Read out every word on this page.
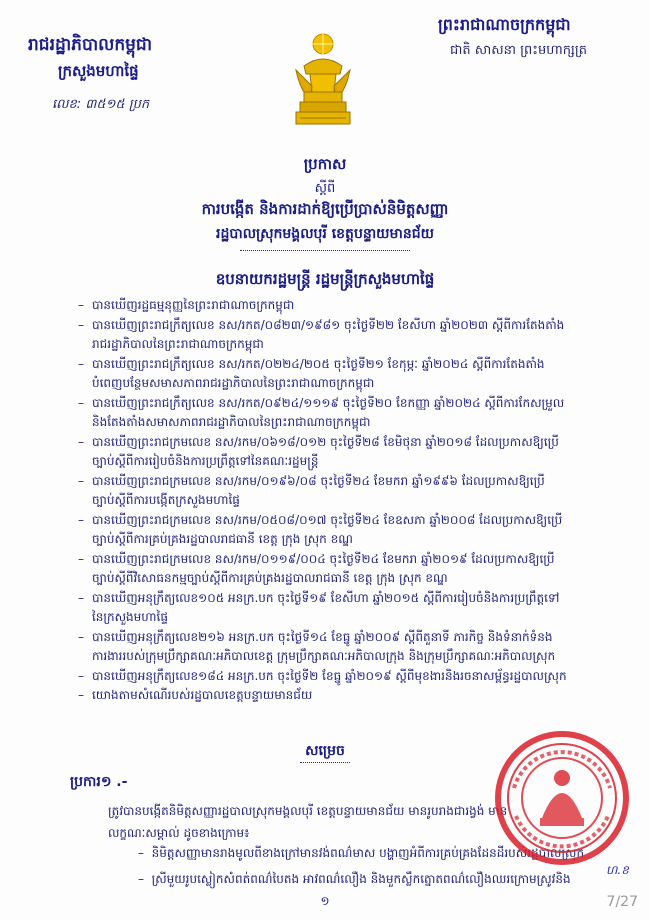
រាជរដ្ឋាភិបាលកម្ពុជា
ក្រសួងមហាផ្ទៃ
លេខ: ៣៥១៥ ប្រក
ព្រះរាជាណាចក្រកម្ពុជា
ជាតិ សាសនា ព្រះមហាក្សត្រ
ប្រកាស
ស្តីពី
ការបង្កើត និងការដាក់ឱ្យប្រើប្រាស់និមិត្តសញ្ញា
រដ្ឋបាលស្រុកមង្គលបុរី ខេត្តបន្ទាយមានជ័យ
ឧបនាយករដ្ឋមន្ត្រី រដ្ឋមន្ត្រីក្រសួងមហាផ្ទៃ
– បានឃើញរដ្ឋធម្មនុញ្ញនៃព្រះរាជាណាចក្រកម្ពុជា
– បានឃើញព្រះរាជក្រឹត្យលេខ នស/រកត/០៨២៣/១៩៨១ ចុះថ្ងៃទី២២ ខែសីហា ឆ្នាំ២០២៣ ស្តីពីការតែងតាំង
រាជរដ្ឋាភិបាលនៃព្រះរាជាណាចក្រកម្ពុជា
– បានឃើញព្រះរាជក្រឹត្យលេខ នស/រកត/០២២៤/២០៥ ចុះថ្ងៃទី២១ ខែកុម្ភៈ ឆ្នាំ២០២៤ ស្តីពីការតែងតាំង
បំពេញបន្ថែមសមាសភាពរាជរដ្ឋាភិបាលនៃព្រះរាជាណាចក្រកម្ពុជា
– បានឃើញព្រះរាជក្រឹត្យលេខ នស/រកត/០៩២៤/១១១៩ ចុះថ្ងៃទី២០ ខែកញ្ញា ឆ្នាំ២០២៤ ស្តីពីការកែសម្រួល
និងតែងតាំងសមាសភាពរាជរដ្ឋាភិបាលនៃព្រះរាជាណាចក្រកម្ពុជា
– បានឃើញព្រះរាជក្រមលេខ នស/រកម/០៦១៨/០១២ ចុះថ្ងៃទី២៨ ខែមិថុនា ឆ្នាំ២០១៨ ដែលប្រកាសឱ្យប្រើ
ច្បាប់ស្តីពីការរៀបចំនិងការប្រព្រឹត្តទៅនៃគណៈរដ្ឋមន្ត្រី
– បានឃើញព្រះរាជក្រមលេខ នស/រកម/០១៩៦/០៨ ចុះថ្ងៃទី២៤ ខែមករា ឆ្នាំ១៩៩៦ ដែលប្រកាសឱ្យប្រើ
ច្បាប់ស្តីពីការបង្កើតក្រសួងមហាផ្ទៃ
– បានឃើញព្រះរាជក្រមលេខ នស/រកម/០៥០៨/០១៧ ចុះថ្ងៃទី២៤ ខែឧសភា ឆ្នាំ២០០៨ ដែលប្រកាសឱ្យប្រើ
ច្បាប់ស្តីពីការគ្រប់គ្រងរដ្ឋបាលរាជធានី ខេត្ត ក្រុង ស្រុក ខណ្ឌ
– បានឃើញព្រះរាជក្រមលេខ នស/រកម/០១១៩/០០៤ ចុះថ្ងៃទី២៤ ខែមករា ឆ្នាំ២០១៩ ដែលប្រកាសឱ្យប្រើ
ច្បាប់ស្តីពីវិសោធនកម្មច្បាប់ស្តីពីការគ្រប់គ្រងរដ្ឋបាលរាជធានី ខេត្ត ក្រុង ស្រុក ខណ្ឌ
– បានឃើញអនុក្រឹត្យលេខ១០៥ អនក្រ.បក ចុះថ្ងៃទី១៩ ខែសីហា ឆ្នាំ២០១៥ ស្តីពីការរៀបចំនិងការប្រព្រឹត្តទៅ
នៃក្រសួងមហាផ្ទៃ
– បានឃើញអនុក្រឹត្យលេខ២១៦ អនក្រ.បក ចុះថ្ងៃទី១៤ ខែធ្នូ ឆ្នាំ២០០៩ ស្តីពីតួនាទី ភារកិច្ច និងទំនាក់ទំនង
ការងាររបស់ក្រុមប្រឹក្សាគណៈអភិបាលខេត្ត ក្រុមប្រឹក្សាគណៈអភិបាលក្រុង និងក្រុមប្រឹក្សាគណៈអភិបាលស្រុក
– បានឃើញអនុក្រឹត្យលេខ១៨៤ អនក្រ.បក ចុះថ្ងៃទី២ ខែធ្នូ ឆ្នាំ២០១៩ ស្តីពីមុខងារនិងរចនាសម្ព័ន្ធរដ្ឋបាលស្រុក
– យោងតាមសំណើរបស់រដ្ឋបាលខេត្តបន្ទាយមានជ័យ
សម្រេច
ប្រការ១ .-
ត្រូវបានបង្កើតនិមិត្តសញ្ញារដ្ឋបាលស្រុកមង្គលបុរី ខេត្តបន្ទាយមានជ័យ មានរូបរាងជារង្វង់ មានលក្ខណៈសម្គាល់ ដូចខាងក្រោម៖
–  និមិត្តសញ្ញាមានរាងមូលពីខាងក្រៅមានវង់ពណ៌មាស បង្ហាញអំពីការគ្រប់គ្រងដែនដីរបស់រដ្ឋបាលស្រុក
–  ស្រីមួយរូបស្លៀកសំពត់ពណ៌បៃតង អាវពណ៌លឿង និងមួកស្លឹកត្នោតពណ៌លឿងឈរក្រោមស្រូវនិង
ហ.ខ
១	7/27
